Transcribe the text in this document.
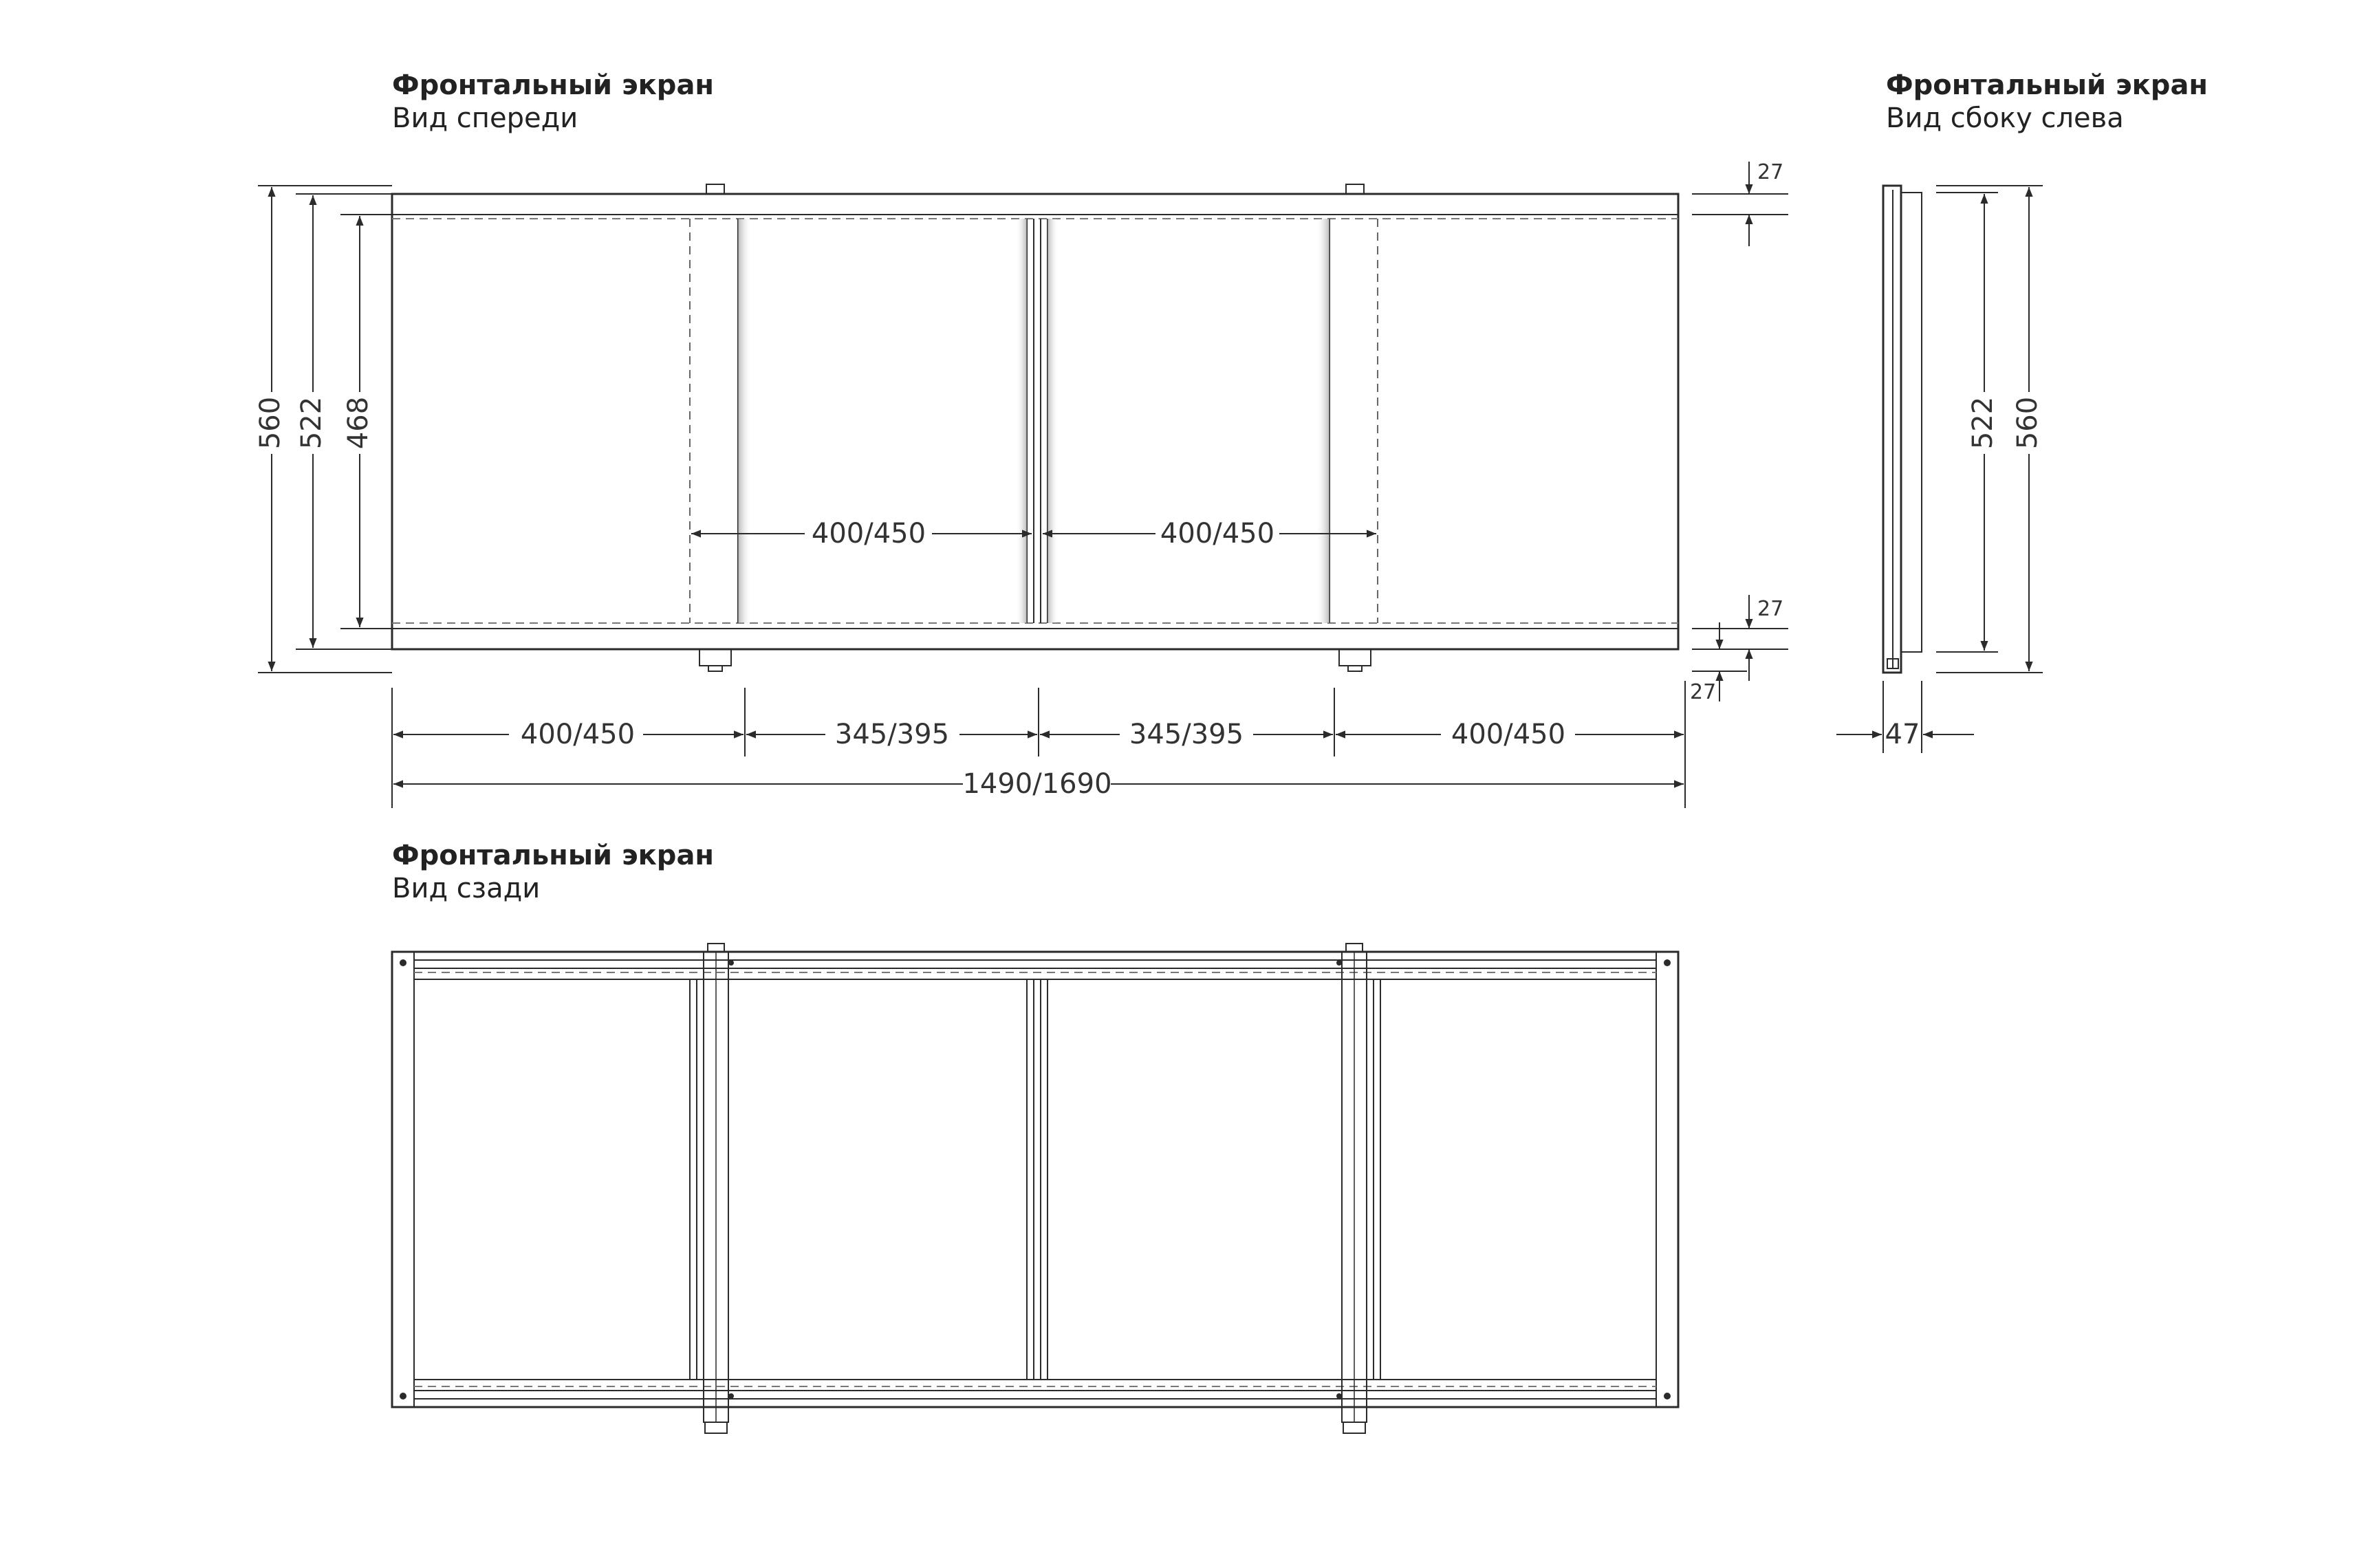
Фронтальный экран
Вид спереди
Фронтальный экран
Вид сбоку слева
Фронтальный экран
Вид сзади
560 522 468
27
27
27
400/450	400/450
400/450	345/395	345/395	400/450
1490/1690
522 560
47
